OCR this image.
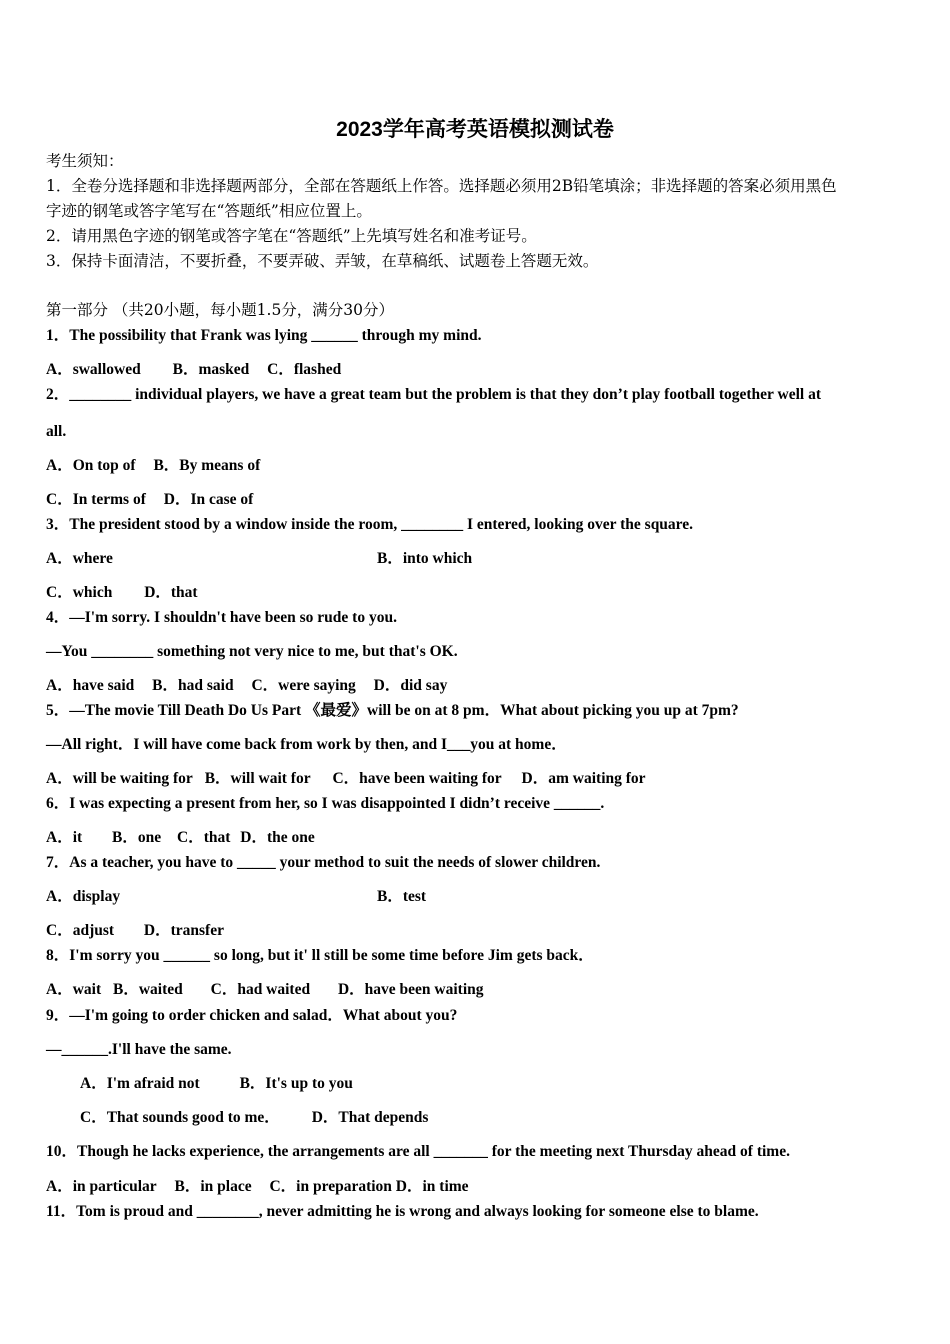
2023学年高考英语模拟测试卷
考生须知：
1．全卷分选择题和非选择题两部分，全部在答题纸上作答。选择题必须用2B铅笔填涂；非选择题的答案必须用黑色
字迹的钢笔或答字笔写在“答题纸”相应位置上。
2．请用黑色字迹的钢笔或答字笔在“答题纸”上先填写姓名和准考证号。
3．保持卡面清洁，不要折叠，不要弄破、弄皱，在草稿纸、试题卷上答题无效。
第一部分 （共20小题，每小题1.5分，满分30分）
1．The possibility that Frank was lying ______ through my mind.
A．swallowed B．masked C．flashed
2．________ individual players, we have a great team but the problem is that they don’t play football together well at
all.
A．On top of B．By means of
C．In terms of D．In case of
3．The president stood by a window inside the room, ________ I entered, looking over the square.
A．where	B．into which
C．which D．that
4．—I'm sorry. I shouldn't have been so rude to you.
—You ________ something not very nice to me, but that's OK.
A．have said B．had said C．were saying D．did say
5．—The movie Till Death Do Us Part 《最爱》will be on at 8 pm．What about picking you up at 7pm?
—All right．I will have come back from work by then, and I___you at home．
A．will be waiting for B．will wait for C．have been waiting for D．am waiting for
6．I was expecting a present from her, so I was disappointed I didn’t receive ______.
A．it B．one C．that D．the one
7．As a teacher, you have to _____ your method to suit the needs of slower children.
A．display	B．test
C．adjust D．transfer
8．I'm sorry you ______ so long, but it' ll still be some time before Jim gets back．
A．wait B．waited C．had waited D．have been waiting
9．—I'm going to order chicken and salad．What about you?
—______.I'll have the same.
A．I'm afraid not	B．It's up to you
C．That sounds good to me． D．That depends
10．Though he lacks experience, the arrangements are all _______ for the meeting next Thursday ahead of time.
A．in particular B．in place C．in preparation D．in time
11．Tom is proud and ________, never admitting he is wrong and always looking for someone else to blame.
